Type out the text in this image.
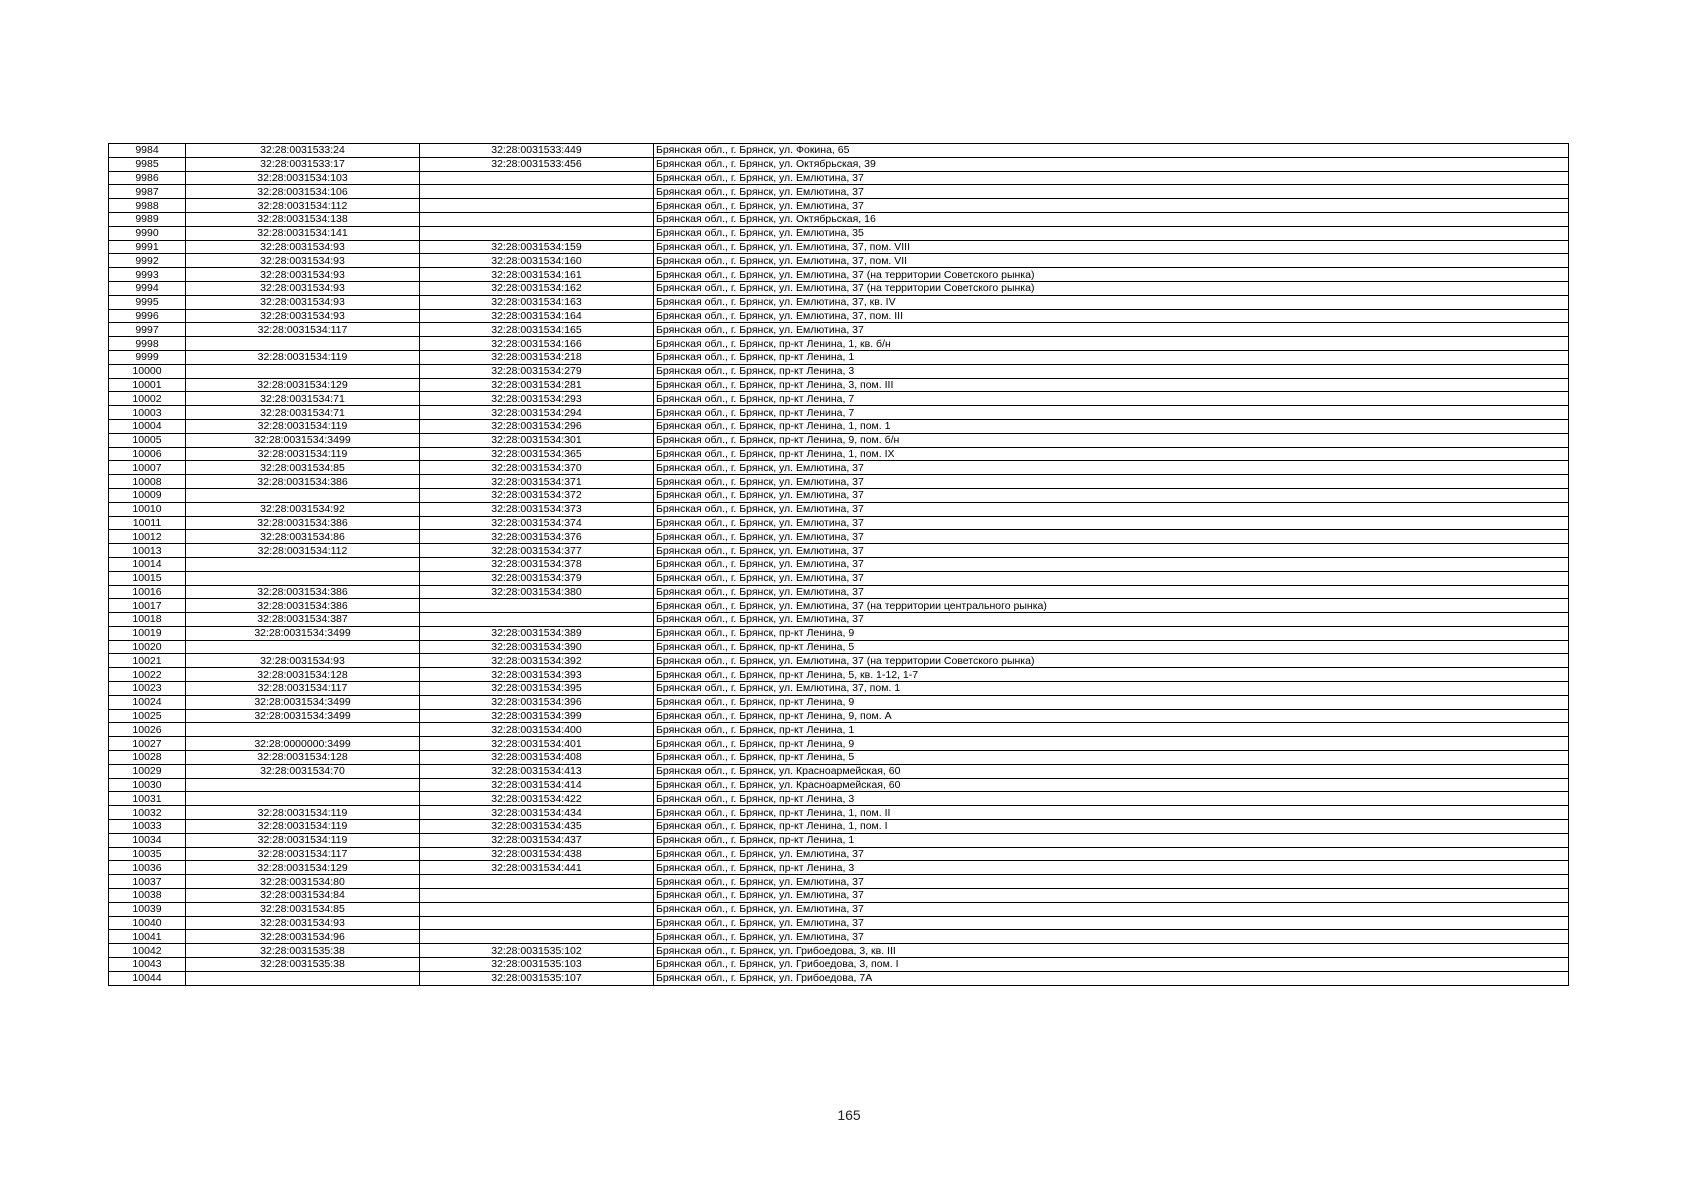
9984	32:28:0031533:24	32:28:0031533:449	Брянская обл., г. Брянск, ул. Фокина, 65
9985	32:28:0031533:17	32:28:0031533:456	Брянская обл., г. Брянск, ул. Октябрьская, 39
9986	32:28:0031534:103		Брянская обл., г. Брянск, ул. Емлютина, 37
9987	32:28:0031534:106		Брянская обл., г. Брянск, ул. Емлютина, 37
9988	32:28:0031534:112		Брянская обл., г. Брянск, ул. Емлютина, 37
9989	32:28:0031534:138		Брянская обл., г. Брянск, ул. Октябрьская, 16
9990	32:28:0031534:141		Брянская обл., г. Брянск, ул. Емлютина, 35
9991	32:28:0031534:93	32:28:0031534:159	Брянская обл., г. Брянск, ул. Емлютина, 37, пом. VIII
9992	32:28:0031534:93	32:28:0031534:160	Брянская обл., г. Брянск, ул. Емлютина, 37, пом. VII
9993	32:28:0031534:93	32:28:0031534:161	Брянская обл., г. Брянск, ул. Емлютина, 37 (на территории Советского рынка)
9994	32:28:0031534:93	32:28:0031534:162	Брянская обл., г. Брянск, ул. Емлютина, 37 (на территории Советского рынка)
9995	32:28:0031534:93	32:28:0031534:163	Брянская обл., г. Брянск, ул. Емлютина, 37, кв. IV
9996	32:28:0031534:93	32:28:0031534:164	Брянская обл., г. Брянск, ул. Емлютина, 37, пом. III
9997	32:28:0031534:117	32:28:0031534:165	Брянская обл., г. Брянск, ул. Емлютина, 37
9998		32:28:0031534:166	Брянская обл., г. Брянск, пр-кт Ленина, 1, кв. б/н
9999	32:28:0031534:119	32:28:0031534:218	Брянская обл., г. Брянск, пр-кт Ленина, 1
10000		32:28:0031534:279	Брянская обл., г. Брянск, пр-кт Ленина, 3
10001	32:28:0031534:129	32:28:0031534:281	Брянская обл., г. Брянск, пр-кт Ленина, 3, пом. III
10002	32:28:0031534:71	32:28:0031534:293	Брянская обл., г. Брянск, пр-кт Ленина, 7
10003	32:28:0031534:71	32:28:0031534:294	Брянская обл., г. Брянск, пр-кт Ленина, 7
10004	32:28:0031534:119	32:28:0031534:296	Брянская обл., г. Брянск, пр-кт Ленина, 1, пом. 1
10005	32:28:0031534:3499	32:28:0031534:301	Брянская обл., г. Брянск, пр-кт Ленина, 9, пом. б/н
10006	32:28:0031534:119	32:28:0031534:365	Брянская обл., г. Брянск, пр-кт Ленина, 1, пом. IX
10007	32:28:0031534:85	32:28:0031534:370	Брянская обл., г. Брянск, ул. Емлютина, 37
10008	32:28:0031534:386	32:28:0031534:371	Брянская обл., г. Брянск, ул. Емлютина, 37
10009		32:28:0031534:372	Брянская обл., г. Брянск, ул. Емлютина, 37
10010	32:28:0031534:92	32:28:0031534:373	Брянская обл., г. Брянск, ул. Емлютина, 37
10011	32:28:0031534:386	32:28:0031534:374	Брянская обл., г. Брянск, ул. Емлютина, 37
10012	32:28:0031534:86	32:28:0031534:376	Брянская обл., г. Брянск, ул. Емлютина, 37
10013	32:28:0031534:112	32:28:0031534:377	Брянская обл., г. Брянск, ул. Емлютина, 37
10014		32:28:0031534:378	Брянская обл., г. Брянск, ул. Емлютина, 37
10015		32:28:0031534:379	Брянская обл., г. Брянск, ул. Емлютина, 37
10016	32:28:0031534:386	32:28:0031534:380	Брянская обл., г. Брянск, ул. Емлютина, 37
10017	32:28:0031534:386		Брянская обл., г. Брянск, ул. Емлютина, 37 (на территории центрального рынка)
10018	32:28:0031534:387		Брянская обл., г. Брянск, ул. Емлютина, 37
10019	32:28:0031534:3499	32:28:0031534:389	Брянская обл., г. Брянск, пр-кт Ленина, 9
10020		32:28:0031534:390	Брянская обл., г. Брянск, пр-кт Ленина, 5
10021	32:28:0031534:93	32:28:0031534:392	Брянская обл., г. Брянск, ул. Емлютина, 37 (на территории Советского рынка)
10022	32:28:0031534:128	32:28:0031534:393	Брянская обл., г. Брянск, пр-кт Ленина, 5, кв. 1-12, 1-7
10023	32:28:0031534:117	32:28:0031534:395	Брянская обл., г. Брянск, ул. Емлютина, 37, пом. 1
10024	32:28:0031534:3499	32:28:0031534:396	Брянская обл., г. Брянск, пр-кт Ленина, 9
10025	32:28:0031534:3499	32:28:0031534:399	Брянская обл., г. Брянск, пр-кт Ленина, 9, пом. А
10026		32:28:0031534:400	Брянская обл., г. Брянск, пр-кт Ленина, 1
10027	32:28:0000000:3499	32:28:0031534:401	Брянская обл., г. Брянск, пр-кт Ленина, 9
10028	32:28:0031534:128	32:28:0031534:408	Брянская обл., г. Брянск, пр-кт Ленина, 5
10029	32:28:0031534:70	32:28:0031534:413	Брянская обл., г. Брянск, ул. Красноармейская, 60
10030		32:28:0031534:414	Брянская обл., г. Брянск, ул. Красноармейская, 60
10031		32:28:0031534:422	Брянская обл., г. Брянск, пр-кт Ленина, 3
10032	32:28:0031534:119	32:28:0031534:434	Брянская обл., г. Брянск, пр-кт Ленина, 1, пом. II
10033	32:28:0031534:119	32:28:0031534:435	Брянская обл., г. Брянск, пр-кт Ленина, 1, пом. I
10034	32:28:0031534:119	32:28:0031534:437	Брянская обл., г. Брянск, пр-кт Ленина, 1
10035	32:28:0031534:117	32:28:0031534:438	Брянская обл., г. Брянск, ул. Емлютина, 37
10036	32:28:0031534:129	32:28:0031534:441	Брянская обл., г. Брянск, пр-кт Ленина, 3
10037	32:28:0031534:80		Брянская обл., г. Брянск, ул. Емлютина, 37
10038	32:28:0031534:84		Брянская обл., г. Брянск, ул. Емлютина, 37
10039	32:28:0031534:85		Брянская обл., г. Брянск, ул. Емлютина, 37
10040	32:28:0031534:93		Брянская обл., г. Брянск, ул. Емлютина, 37
10041	32:28:0031534:96		Брянская обл., г. Брянск, ул. Емлютина, 37
10042	32:28:0031535:38	32:28:0031535:102	Брянская обл., г. Брянск, ул. Грибоедова, 3, кв. III
10043	32:28:0031535:38	32:28:0031535:103	Брянская обл., г. Брянск, ул. Грибоедова, 3, пом. I
10044		32:28:0031535:107	Брянская обл., г. Брянск, ул. Грибоедова, 7А
165
